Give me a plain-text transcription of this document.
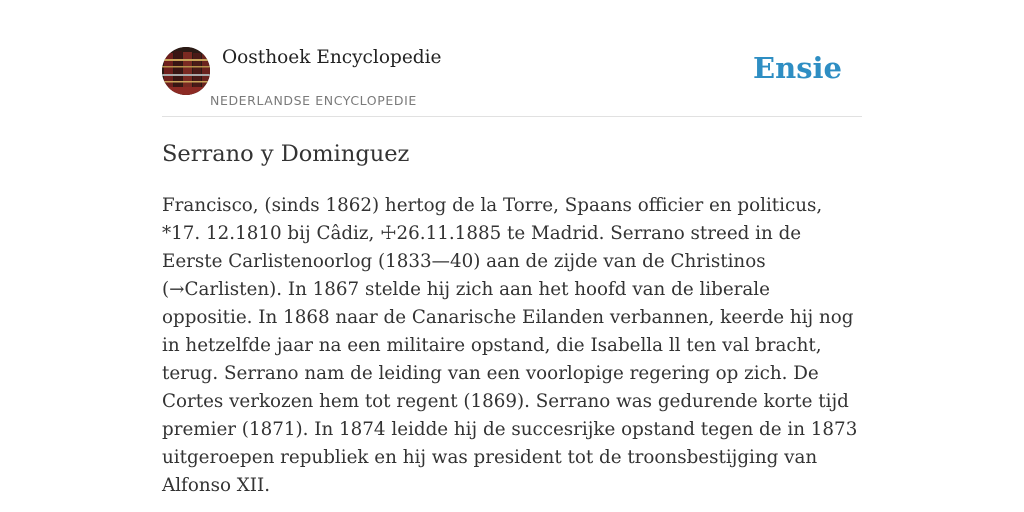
Oosthoek Encyclopedie
NEDERLANDSE ENCYCLOPEDIE
Ensie
Serrano y Dominguez

Francisco, (sinds 1862) hertog de la Torre, Spaans officier en politicus, *17. 12.1810 bij Câdiz, ☩26.11.1885 te Madrid. Serrano streed in de Eerste Carlistenoorlog (1833—40) aan de zijde van de Christinos (→Carlisten). In 1867 stelde hij zich aan het hoofd van de liberale oppositie. In 1868 naar de Canarische Eilanden verbannen, keerde hij nog in hetzelfde jaar na een militaire opstand, die Isabella ll ten val bracht, terug. Serrano nam de leiding van een voorlopige regering op zich. De Cortes verkozen hem tot regent (1869). Serrano was gedurende korte tijd premier (1871). In 1874 leidde hij de succesrijke opstand tegen de in 1873 uitgeroepen republiek en hij was president tot de troonsbestijging van Alfonso XII.
